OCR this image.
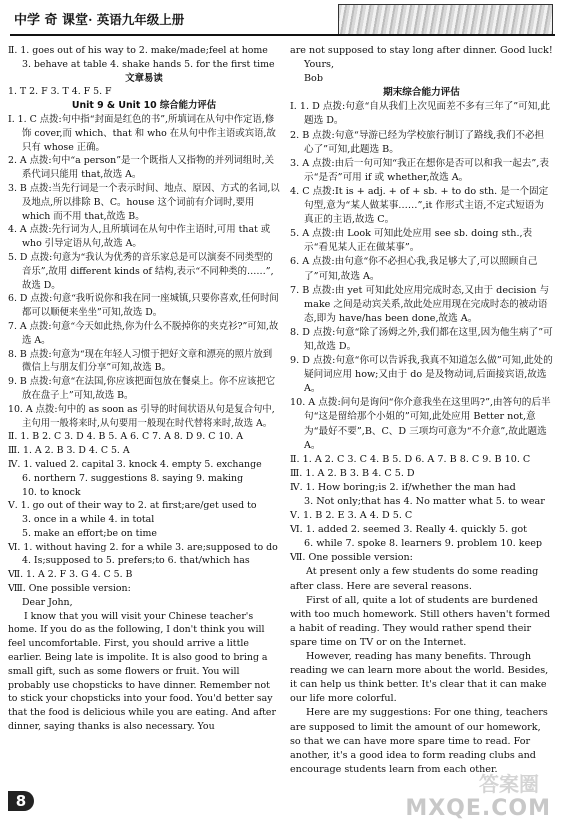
中学 奇 课堂· 英语九年级上册

Ⅱ. 1. goes out of his way to 2. make/made;feel at home

3. behave at table 4. shake hands 5. for the first time

文章易读

1. T 2. F 3. T 4. F 5. F

Unit 9 & Unit 10 综合能力评估

Ⅰ. 1. C 点拨:句中指“封面是红色的书”,所填词在从句中作定语,修饰 cover,而 which、that 和 who 在从句中作主语或宾语,故只有 whose 正确。

2. A 点拨:句中“a person”是一个既指人又指物的并列词组时,关系代词只能用 that,故选 A。

3. B 点拨:当先行词是一个表示时间、地点、原因、方式的名词,以及地点,所以排除 B、C。house 这个词前有介词时,要用 which 而不用 that,故选 B。

4. A 点拨:先行词为人,且所填词在从句中作主语时,可用 that 或 who 引导定语从句,故选 A。

5. D 点拨:句意为“我认为优秀的音乐家总是可以演奏不同类型的音乐”,故用 different kinds of 结构,表示“不同种类的……”,故选 D。

6. D 点拨:句意“我听说你和我在同一座城镇,只要你喜欢,任何时间都可以顺便来坐坐”可知,故选 D。

7. A 点拨:句意“今天如此热,你为什么不脱掉你的夹克衫?”可知,故选 A。

8. B 点拨:句意为“现在年轻人习惯于把好文章和漂亮的照片放到微信上与朋友们分享”可知,故选 B。

9. B 点拨:句意“在法国,你应该把面包放在餐桌上。你不应该把它放在盘子上”可知,故选 B。

10. A 点拨:句中的 as soon as 引导的时间状语从句是复合句中,主句用一般将来时,从句要用一般现在时代替将来时,故选 A。

Ⅱ. 1. B 2. C 3. D 4. B 5. A 6. C 7. A 8. D 9. C 10. A

Ⅲ. 1. A 2. B 3. D 4. C 5. A

Ⅳ. 1. valued 2. capital 3. knock 4. empty 5. exchange

6. northern 7. suggestions 8. saying 9. making

10. to knock

Ⅴ. 1. go out of their way to 2. at first;are/get used to

3. once in a while 4. in total

5. make an effort;be on time

Ⅵ. 1. without having 2. for a while 3. are;supposed to do

4. Is;supposed to 5. prefers;to 6. that/which has

Ⅶ. 1. A 2. F 3. G 4. C 5. B

Ⅷ. One possible version:

Dear John,

I know that you will visit your Chinese teacher's home. If you do as the following, I don't think you will feel uncomfortable. First, you should arrive a little earlier. Being late is impolite. It is also good to bring a small gift, such as some flowers or fruit. You will probably use chopsticks to have dinner. Remember not to stick your chopsticks into your food. You'd better say that the food is delicious while you are eating. And after dinner, saying thanks is also necessary. You

are not supposed to stay long after dinner. Good luck!

Yours,

Bob

期末综合能力评估

Ⅰ. 1. D 点拨:句意“自从我们上次见面差不多有三年了”可知,此题选 D。

2. B 点拨:句意“导游已经为学校旅行制订了路线,我们不必担心了”可知,此题选 B。

3. A 点拨:由后一句可知“我正在想你是否可以和我一起去”,表示“是否”可用 if 或 whether,故选 A。

4. C 点拨:It is + adj. + of + sb. + to do sth. 是一个固定句型,意为“某人做某事……”,it 作形式主语,不定式短语为真正的主语,故选 C。

5. A 点拨:由 Look 可知此处应用 see sb. doing sth.,表示“看见某人正在做某事”。

6. A 点拨:由句意“你不必担心我,我足够大了,可以照顾自己了”可知,故选 A。

7. B 点拨:由 yet 可知此处应用完成时态,又由于 decision 与 make 之间是动宾关系,故此处应用现在完成时态的被动语态,即为 have/has been done,故选 A。

8. D 点拨:句意“除了汤姆之外,我们都在这里,因为他生病了”可知,故选 D。

9. D 点拨:句意“你可以告诉我,我真不知道怎么做”可知,此处的疑问词应用 how;又由于 do 是及物动词,后面接宾语,故选 A。

10. A 点拨:问句是询问“你介意我坐在这里吗?”,由答句的后半句“这是留给那个小姐的”可知,此处应用 Better not,意为“最好不要”,B、C、D 三项均可意为“不介意”,故此题选 A。

Ⅱ. 1. A 2. C 3. C 4. B 5. D 6. A 7. B 8. C 9. B 10. C

Ⅲ. 1. A 2. B 3. B 4. C 5. D

Ⅳ. 1. How boring;is 2. if/whether the man had

3. Not only;that has 4. No matter what 5. to wear

Ⅴ. 1. B 2. E 3. A 4. D 5. C

Ⅵ. 1. added 2. seemed 3. Really 4. quickly 5. got

6. while 7. spoke 8. learners 9. problem 10. keep

Ⅶ. One possible version:

At present only a few students do some reading after class. Here are several reasons.

First of all, quite a lot of students are burdened with too much homework. Still others haven't formed a habit of reading. They would rather spend their spare time on TV or on the Internet.

However, reading has many benefits. Through reading we can learn more about the world. Besides, it can help us think better. It's clear that it can make our life more colorful.

Here are my suggestions: For one thing, teachers are supposed to limit the amount of our homework, so that we can have more spare time to read. For another, it's a good idea to form reading clubs and encourage students learn from each other.

8
答案圈
MXQE.COM
